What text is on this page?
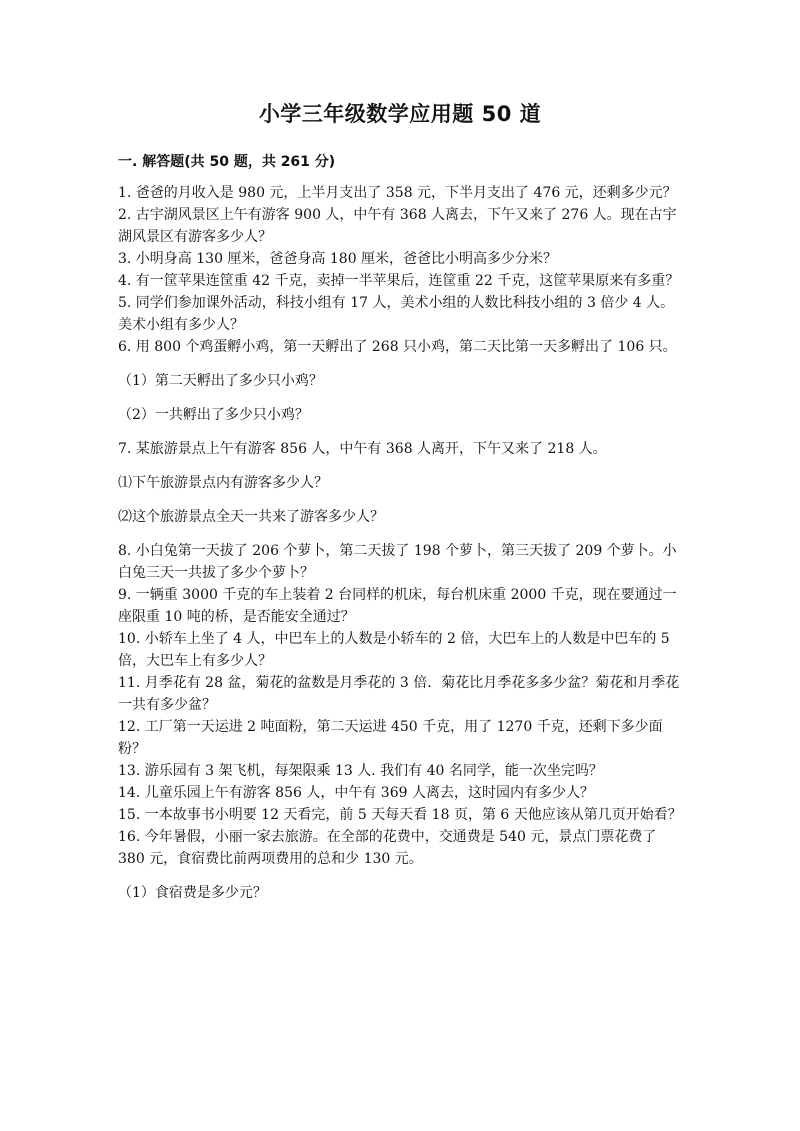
小学三年级数学应用题 50 道
一. 解答题(共 50 题，共 261 分)

1. 爸爸的月收入是 980 元，上半月支出了 358 元，下半月支出了 476 元，还剩多少元？

2. 古宇湖风景区上午有游客 900 人，中午有 368 人离去，下午又来了 276 人。现在古宇湖风景区有游客多少人？

3. 小明身高 130 厘米，爸爸身高 180 厘米，爸爸比小明高多少分米？

4. 有一筐苹果连筐重 42 千克，卖掉一半苹果后，连筐重 22 千克，这筐苹果原来有多重？

5. 同学们参加课外活动，科技小组有 17 人，美术小组的人数比科技小组的 3 倍少 4 人。美术小组有多少人？

6. 用 800 个鸡蛋孵小鸡，第一天孵出了 268 只小鸡，第二天比第一天多孵出了 106 只。

（1）第二天孵出了多少只小鸡？

（2）一共孵出了多少只小鸡？

7. 某旅游景点上午有游客 856 人，中午有 368 人离开，下午又来了 218 人。

⑴下午旅游景点内有游客多少人？

⑵这个旅游景点全天一共来了游客多少人？

8. 小白兔第一天拔了 206 个萝卜，第二天拔了 198 个萝卜，第三天拔了 209 个萝卜。小白兔三天一共拔了多少个萝卜？

9. 一辆重 3000 千克的车上装着 2 台同样的机床，每台机床重 2000 千克，现在要通过一座限重 10 吨的桥，是否能安全通过？

10. 小轿车上坐了 4 人，中巴车上的人数是小轿车的 2 倍，大巴车上的人数是中巴车的 5 倍，大巴车上有多少人？

11. 月季花有 28 盆，菊花的盆数是月季花的 3 倍．菊花比月季花多多少盆？菊花和月季花一共有多少盆？

12. 工厂第一天运进 2 吨面粉，第二天运进 450 千克，用了 1270 千克，还剩下多少面粉？

13. 游乐园有 3 架飞机，每架限乘 13 人. 我们有 40 名同学，能一次坐完吗？

14. 儿童乐园上午有游客 856 人，中午有 369 人离去，这时园内有多少人？

15. 一本故事书小明要 12 天看完，前 5 天每天看 18 页，第 6 天他应该从第几页开始看？

16. 今年暑假，小丽一家去旅游。在全部的花费中，交通费是 540 元，景点门票花费了 380 元，食宿费比前两项费用的总和少 130 元。

（1）食宿费是多少元？
